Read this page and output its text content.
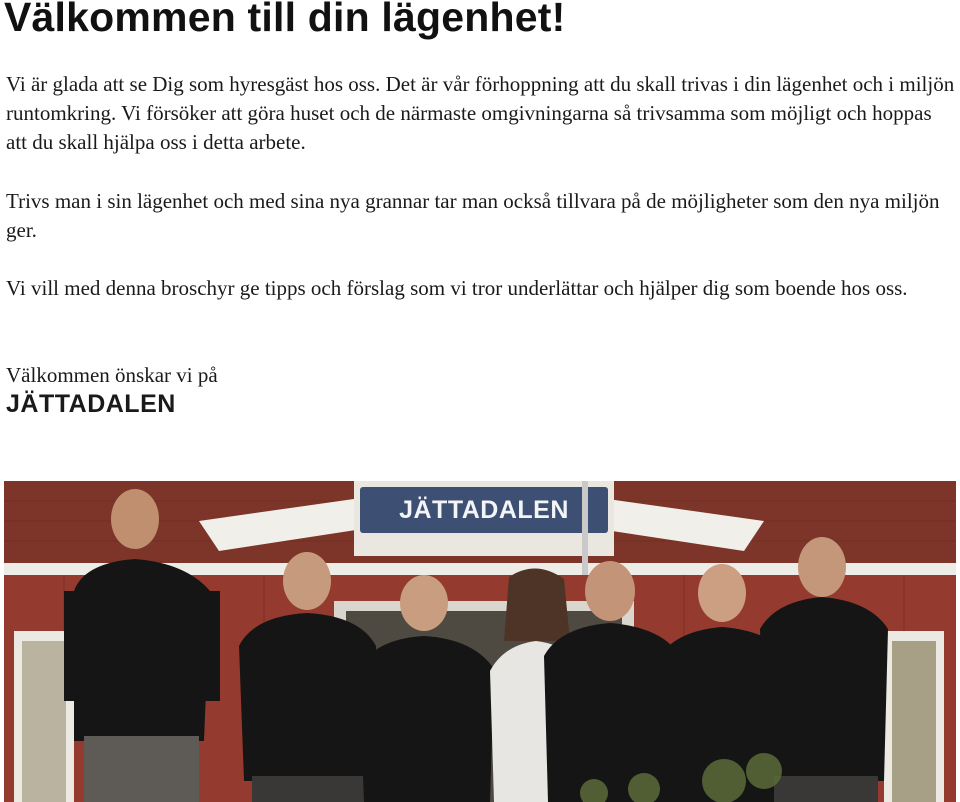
Välkommen till din lägenhet!

Vi är glada att se Dig som hyresgäst hos oss. Det är vår förhoppning att du skall trivas i din lägenhet och i miljön runtomkring. Vi försöker att göra huset och de närmaste omgivningarna så trivsamma som möjligt och hoppas att du skall hjälpa oss i detta arbete.

Trivs man i sin lägenhet och med sina nya grannar tar man också tillvara på de möjligheter som den nya miljön ger.

Vi vill med denna broschyr ge tipps och förslag som vi tror underlättar och hjälper dig som boende hos oss.

Välkommen önskar vi på

JÄTTADALEN

JÄTTADALEN
